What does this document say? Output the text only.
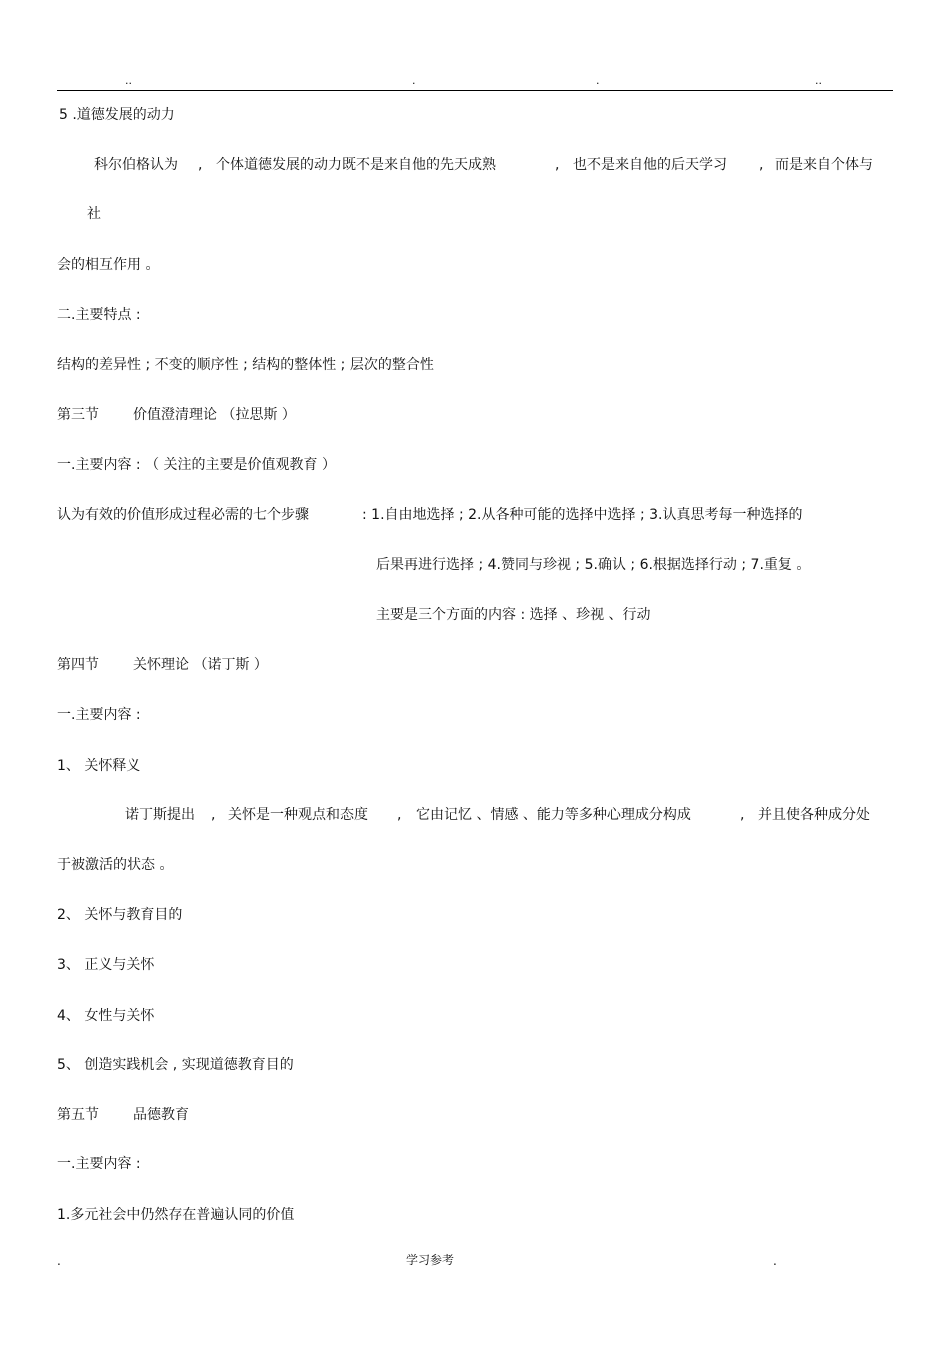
..	.	.	..
5 .道德发展的动力
科尔伯格认为 , 个体道德发展的动力既不是来自他的先天成熟	, 也不是来自他的后天学习 , 而是来自个体与
社
会的相互作用 。
二.主要特点 :
结构的差异性 ; 不变的顺序性 ; 结构的整体性 ; 层次的整合性
第三节 价值澄清理论 （拉思斯 ）
一.主要内容 : （ 关注的主要是价值观教育 ）
认为有效的价值形成过程必需的七个步骤	: 1.自由地选择 ; 2.从各种可能的选择中选择 ; 3.认真思考每一种选择的
后果再进行选择 ; 4.赞同与珍视 ; 5.确认 ; 6.根据选择行动 ; 7.重复 。
主要是三个方面的内容 : 选择 、珍视 、行动
第四节 关怀理论 （诺丁斯 ）
一.主要内容 :
1、 关怀释义
诺丁斯提出 , 关怀是一种观点和态度 , 它由记忆 、情感 、能力等多种心理成分构成	, 并且使各种成分处
于被激活的状态 。
2、 关怀与教育目的
3、 正义与关怀
4、 女性与关怀
5、 创造实践机会 , 实现道德教育目的
第五节 品德教育
一.主要内容 :
1.多元社会中仍然存在普遍认同的价值
.	学习参考	.
